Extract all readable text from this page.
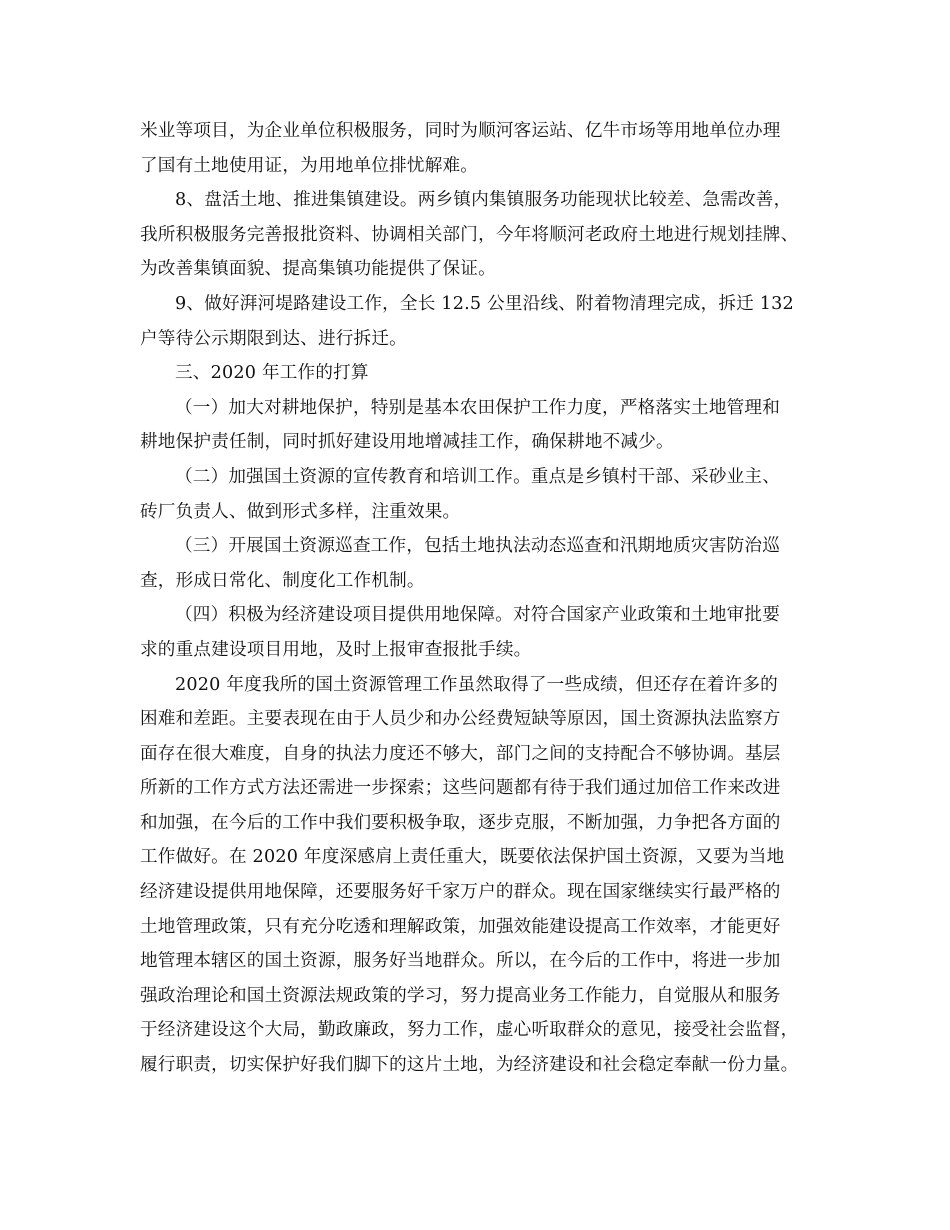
米业等项目，为企业单位积极服务，同时为顺河客运站、亿牛市场等用地单位办理
了国有土地使用证，为用地单位排忧解难。
8、盘活土地、推进集镇建设。两乡镇内集镇服务功能现状比较差、急需改善，
我所积极服务完善报批资料、协调相关部门，今年将顺河老政府土地进行规划挂牌、
为改善集镇面貌、提高集镇功能提供了保证。
9、做好湃河堤路建设工作，全长 12.5 公里沿线、附着物清理完成，拆迁 132
户等待公示期限到达、进行拆迁。
三、2020 年工作的打算
（一）加大对耕地保护，特别是基本农田保护工作力度，严格落实土地管理和
耕地保护责任制，同时抓好建设用地增减挂工作，确保耕地不减少。
（二）加强国土资源的宣传教育和培训工作。重点是乡镇村干部、采砂业主、
砖厂负责人、做到形式多样，注重效果。
（三）开展国土资源巡查工作，包括土地执法动态巡查和汛期地质灾害防治巡
查，形成日常化、制度化工作机制。
（四）积极为经济建设项目提供用地保障。对符合国家产业政策和土地审批要
求的重点建设项目用地，及时上报审查报批手续。
2020 年度我所的国土资源管理工作虽然取得了一些成绩，但还存在着许多的
困难和差距。主要表现在由于人员少和办公经费短缺等原因，国土资源执法监察方
面存在很大难度，自身的执法力度还不够大，部门之间的支持配合不够协调。基层
所新的工作方式方法还需进一步探索；这些问题都有待于我们通过加倍工作来改进
和加强，在今后的工作中我们要积极争取，逐步克服，不断加强，力争把各方面的
工作做好。在 2020 年度深感肩上责任重大，既要依法保护国土资源，又要为当地
经济建设提供用地保障，还要服务好千家万户的群众。现在国家继续实行最严格的
土地管理政策，只有充分吃透和理解政策，加强效能建设提高工作效率，才能更好
地管理本辖区的国土资源，服务好当地群众。所以，在今后的工作中，将进一步加
强政治理论和国土资源法规政策的学习，努力提高业务工作能力，自觉服从和服务
于经济建设这个大局，勤政廉政，努力工作，虚心听取群众的意见，接受社会监督，
履行职责，切实保护好我们脚下的这片土地，为经济建设和社会稳定奉献一份力量。
